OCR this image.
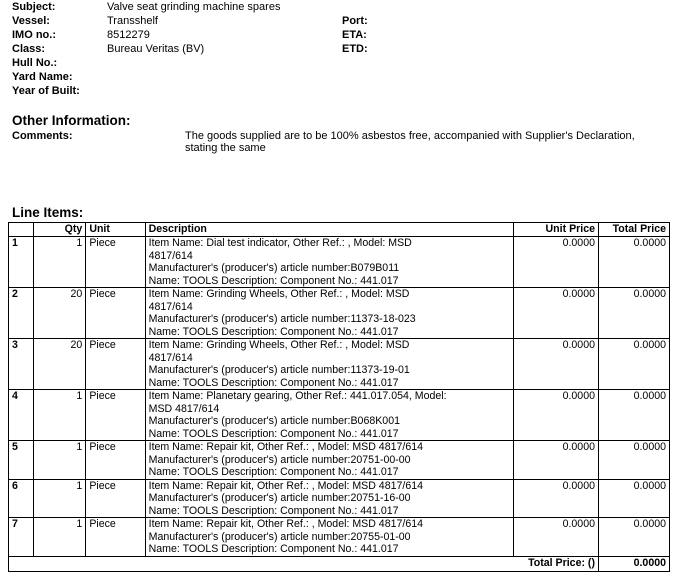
Subject:	Valve seat grinding machine spares
Vessel:	Transshelf	Port:
IMO no.:	8512279	ETA:
Class:	Bureau Veritas (BV)	ETD:
Hull No.:
Yard Name:
Year of Built:
Other Information:
Comments:	The goods supplied are to be 100% asbestos free, accompanied with Supplier's Declaration,
stating the same
Line Items:
	Qty	Unit	Description	Unit Price	Total Price
1	1	Piece	Item Name: Dial test indicator, Other Ref.: , Model: MSD
4817/614
Manufacturer's (producer's) article number:B079B011
Name: TOOLS Description: Component No.: 441.017	0.0000	0.0000
2	20	Piece	Item Name: Grinding Wheels, Other Ref.: , Model: MSD
4817/614
Manufacturer's (producer's) article number:11373-18-023
Name: TOOLS Description: Component No.: 441.017	0.0000	0.0000
3	20	Piece	Item Name: Grinding Wheels, Other Ref.: , Model: MSD
4817/614
Manufacturer's (producer's) article number:11373-19-01
Name: TOOLS Description: Component No.: 441.017	0.0000	0.0000
4	1	Piece	Item Name: Planetary gearing, Other Ref.: 441.017.054, Model:
MSD 4817/614
Manufacturer's (producer's) article number:B068K001
Name: TOOLS Description: Component No.: 441.017	0.0000	0.0000
5	1	Piece	Item Name: Repair kit, Other Ref.: , Model: MSD 4817/614
Manufacturer's (producer's) article number:20751-00-00
Name: TOOLS Description: Component No.: 441.017	0.0000	0.0000
6	1	Piece	Item Name: Repair kit, Other Ref.: , Model: MSD 4817/614
Manufacturer's (producer's) article number:20751-16-00
Name: TOOLS Description: Component No.: 441.017	0.0000	0.0000
7	1	Piece	Item Name: Repair kit, Other Ref.: , Model: MSD 4817/614
Manufacturer's (producer's) article number:20755-01-00
Name: TOOLS Description: Component No.: 441.017	0.0000	0.0000
Total Price: ()					0.0000
